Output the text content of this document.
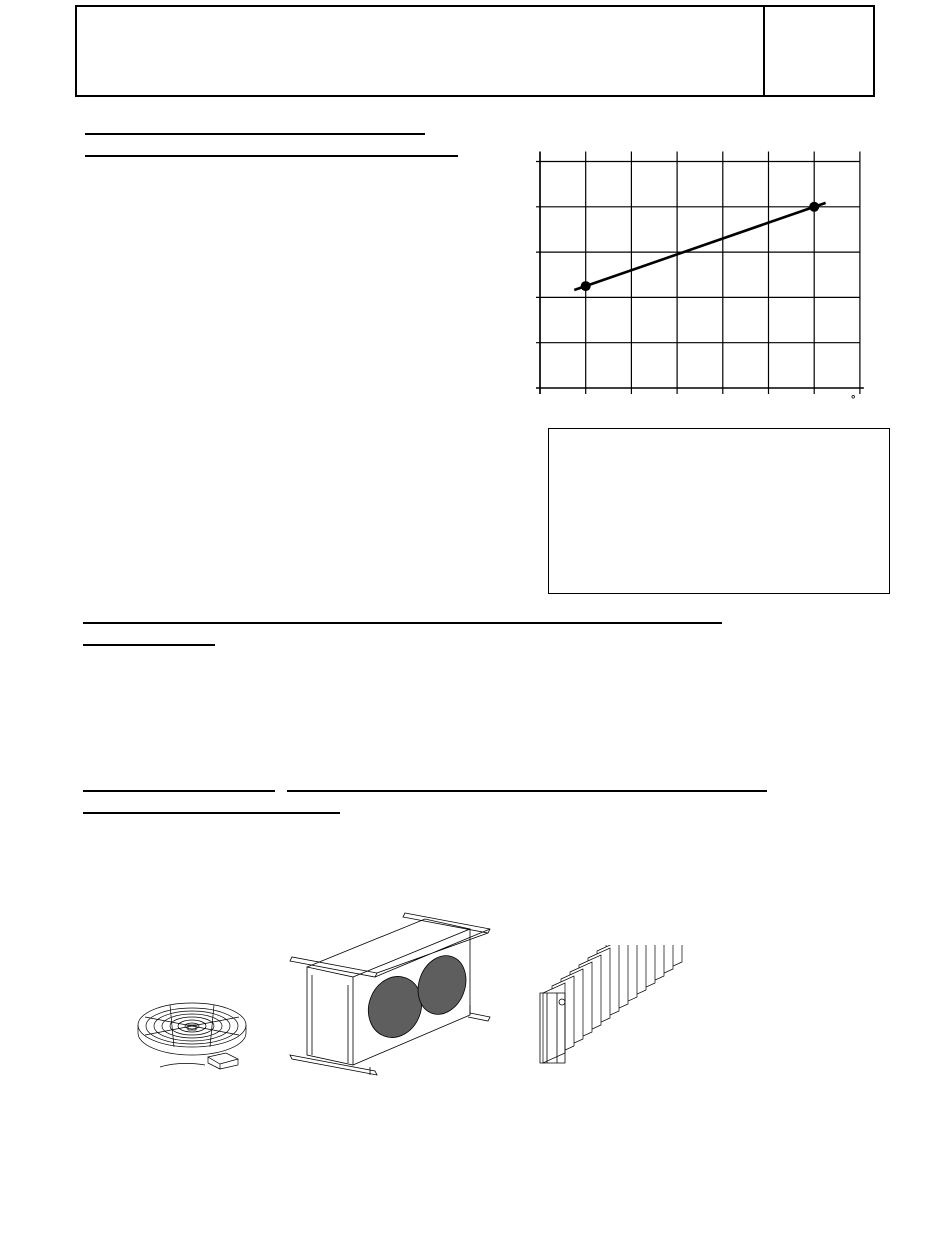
°
